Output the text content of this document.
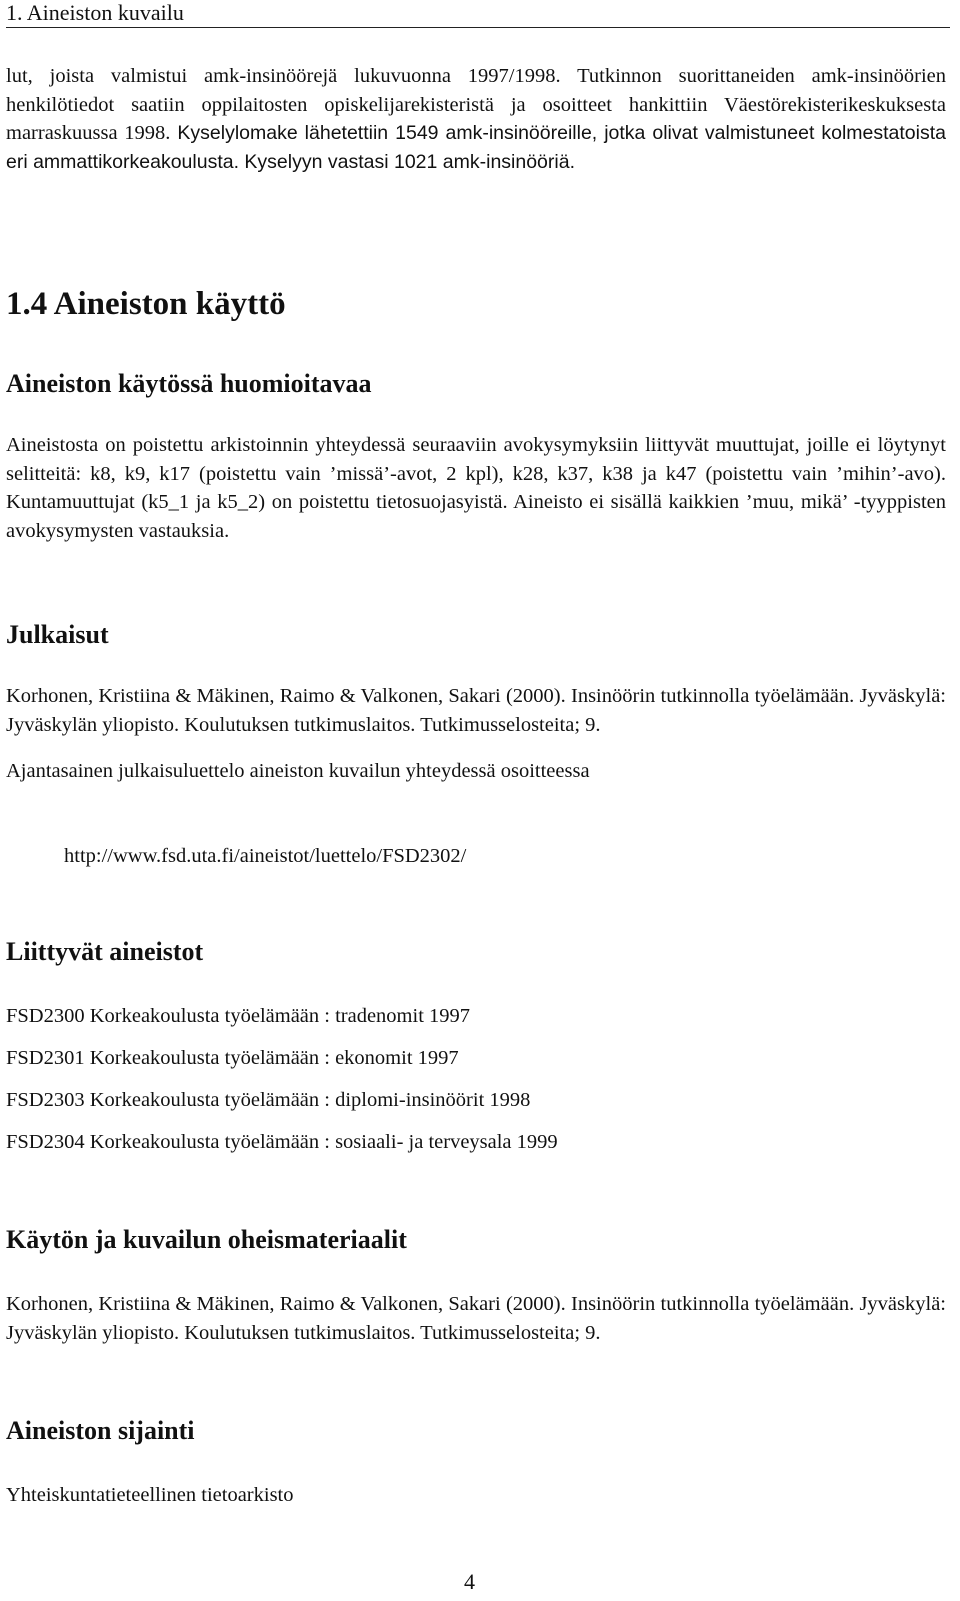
1. Aineiston kuvailu

lut, joista valmistui amk-insinöörejä lukuvuonna 1997/1998. Tutkinnon suorittaneiden amk-insinöörien henkilötiedot saatiin oppilaitosten opiskelijarekisteristä ja osoitteet hankittiin Väestörekisterikeskuksesta marraskuussa 1998. Kyselylomake lähetettiin 1549 amk-insinööreille, jotka olivat valmistuneet kolmestatoista eri ammattikorkeakoulusta. Kyselyyn vastasi 1021 amk-insinööriä.

1.4 Aineiston käyttö
Aineiston käytössä huomioitavaa

Aineistosta on poistettu arkistoinnin yhteydessä seuraaviin avokysymyksiin liittyvät muuttujat, joille ei löytynyt selitteitä: k8, k9, k17 (poistettu vain ’missä’-avot, 2 kpl), k28, k37, k38 ja k47 (poistettu vain ’mihin’-avo). Kuntamuuttujat (k5_1 ja k5_2) on poistettu tietosuojasyistä. Aineisto ei sisällä kaikkien ’muu, mikä’ -tyyppisten avokysymysten vastauksia.

Julkaisut

Korhonen, Kristiina & Mäkinen, Raimo & Valkonen, Sakari (2000). Insinöörin tutkinnolla työelämään. Jyväskylä: Jyväskylän yliopisto. Koulutuksen tutkimuslaitos. Tutkimusselosteita; 9.

Ajantasainen julkaisuluettelo aineiston kuvailun yhteydessä osoitteessa

http://www.fsd.uta.fi/aineistot/luettelo/FSD2302/
Liittyvät aineistot
FSD2300 Korkeakoulusta työelämään : tradenomit 1997
FSD2301 Korkeakoulusta työelämään : ekonomit 1997
FSD2303 Korkeakoulusta työelämään : diplomi-insinöörit 1998
FSD2304 Korkeakoulusta työelämään : sosiaali- ja terveysala 1999
Käytön ja kuvailun oheismateriaalit

Korhonen, Kristiina & Mäkinen, Raimo & Valkonen, Sakari (2000). Insinöörin tutkinnolla työelämään. Jyväskylä: Jyväskylän yliopisto. Koulutuksen tutkimuslaitos. Tutkimusselosteita; 9.

Aineiston sijainti
Yhteiskuntatieteellinen tietoarkisto
4
